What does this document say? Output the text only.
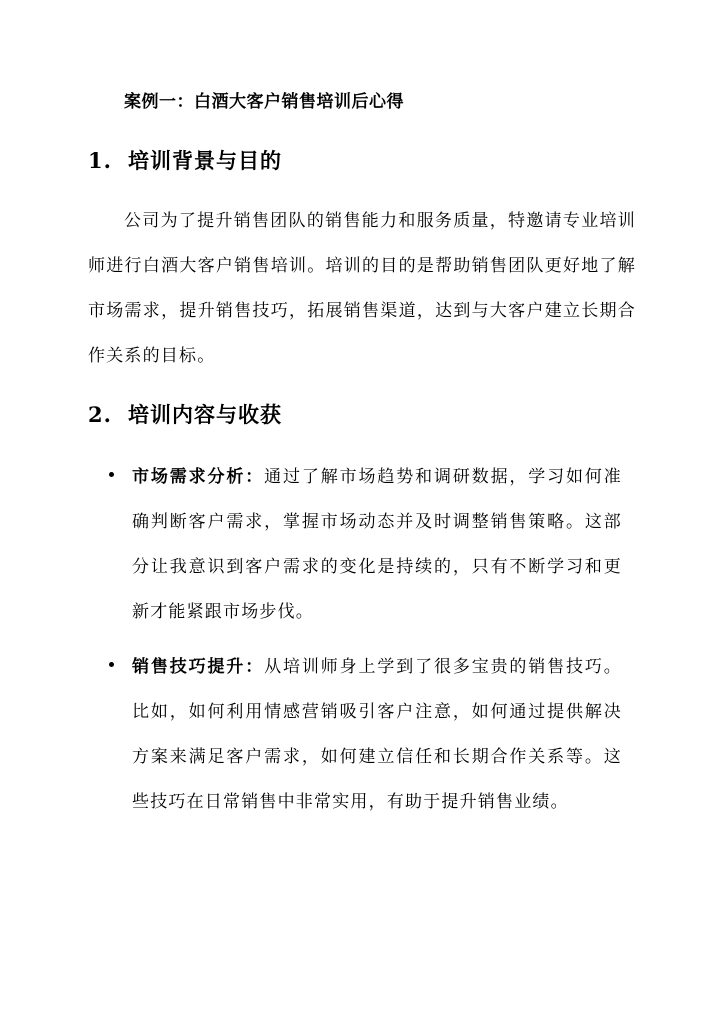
案例一：白酒大客户销售培训后心得
1. 培训背景与目的

公司为了提升销售团队的销售能力和服务质量，特邀请专业培训师进行白酒大客户销售培训。培训的目的是帮助销售团队更好地了解市场需求，提升销售技巧，拓展销售渠道，达到与大客户建立长期合作关系的目标。

2. 培训内容与收获
市场需求分析：通过了解市场趋势和调研数据，学习如何准确判断客户需求，掌握市场动态并及时调整销售策略。这部分让我意识到客户需求的变化是持续的，只有不断学习和更新才能紧跟市场步伐。
销售技巧提升：从培训师身上学到了很多宝贵的销售技巧。比如，如何利用情感营销吸引客户注意，如何通过提供解决方案来满足客户需求，如何建立信任和长期合作关系等。这些技巧在日常销售中非常实用，有助于提升销售业绩。
